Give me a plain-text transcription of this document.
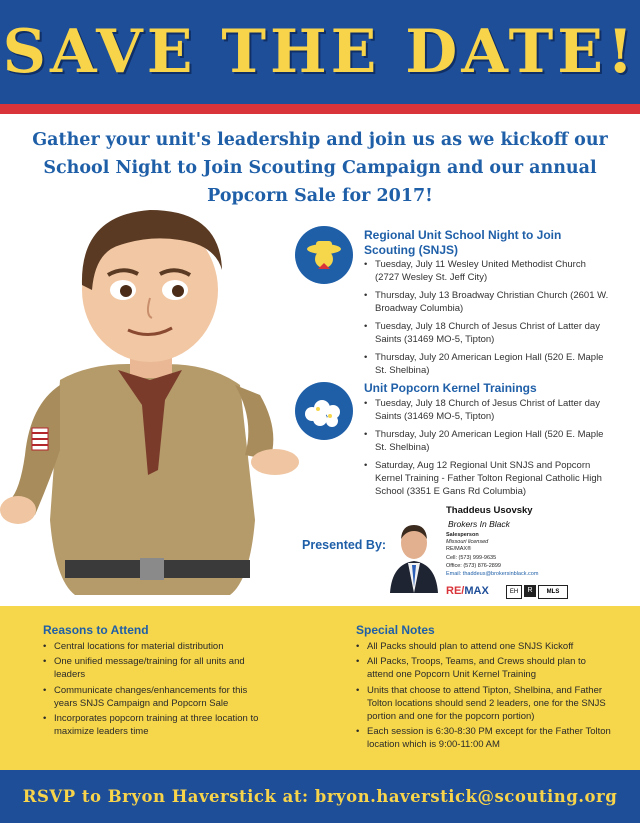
SAVE THE DATE!
Gather your unit's leadership and join us as we kickoff our School Night to Join Scouting Campaign and our annual Popcorn Sale for 2017!
Regional Unit School Night to Join Scouting (SNJS)
• Tuesday, July 11 Wesley United Methodist Church (2727 Wesley St. Jeff City)
• Thursday, July 13 Broadway Christian Church (2601 W. Broadway Columbia)
• Tuesday, July 18 Church of Jesus Christ of Latter day Saints (31469 MO-5, Tipton)
• Thursday, July 20 American Legion Hall (520 E. Maple St. Shelbina)
Unit Popcorn Kernel Trainings
• Tuesday, July 18 Church of Jesus Christ of Latter day Saints (31469 MO-5, Tipton)
• Thursday, July 20 American Legion Hall (520 E. Maple St. Shelbina)
• Saturday, Aug 12 Regional Unit SNJS and Popcorn Kernel Training - Father Tolton Regional Catholic High School (3351 E Gans Rd Columbia)
Presented By:
Thaddeus Usovsky
Brokers In Black
Salesperson
Missouri licensed
RE/MAX®
Cell: (573) 999-9635
Office: (573) 876-2899
Email: thaddeus@brokersinblack.com
RE/MAX	EH	R	MLS
Reasons to Attend
• Central locations for material distribution
• One unified message/training for all units and leaders
• Communicate changes/enhancements for this years SNJS Campaign and Popcorn Sale
• Incorporates popcorn training at three location to maximize leaders time
Special Notes
• All Packs should plan to attend one SNJS Kickoff
• All Packs, Troops, Teams, and Crews should plan to attend one Popcorn Unit Kernel Training
• Units that choose to attend Tipton, Shelbina, and Father Tolton locations should send 2 leaders, one for the SNJS portion and one for the popcorn portion)
• Each session is 6:30-8:30 PM except for the Father Tolton location which is 9:00-11:00 AM
RSVP to Bryon Haverstick at: bryon.haverstick@scouting.org
